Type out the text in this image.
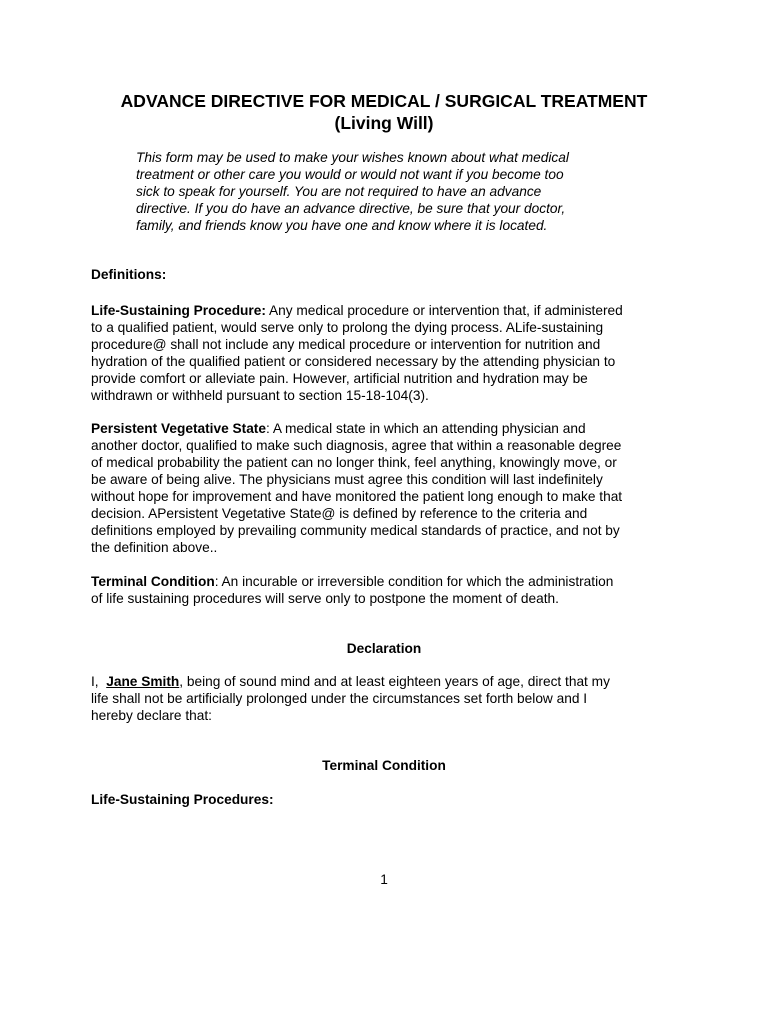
ADVANCE DIRECTIVE FOR MEDICAL / SURGICAL TREATMENT
(Living Will)
This form may be used to make your wishes known about what medical
treatment or other care you would or would not want if you become too
sick to speak for yourself. You are not required to have an advance
directive. If you do have an advance directive, be sure that your doctor,
family, and friends know you have one and know where it is located.
Definitions:
Life-Sustaining Procedure: Any medical procedure or intervention that, if administered
to a qualified patient, would serve only to prolong the dying process. ALife-sustaining
procedure@ shall not include any medical procedure or intervention for nutrition and
hydration of the qualified patient or considered necessary by the attending physician to
provide comfort or alleviate pain. However, artificial nutrition and hydration may be
withdrawn or withheld pursuant to section 15-18-104(3).
Persistent Vegetative State: A medical state in which an attending physician and
another doctor, qualified to make such diagnosis, agree that within a reasonable degree
of medical probability the patient can no longer think, feel anything, knowingly move, or
be aware of being alive. The physicians must agree this condition will last indefinitely
without hope for improvement and have monitored the patient long enough to make that
decision. APersistent Vegetative State@ is defined by reference to the criteria and
definitions employed by prevailing community medical standards of practice, and not by
the definition above..
Terminal Condition: An incurable or irreversible condition for which the administration
of life sustaining procedures will serve only to postpone the moment of death.
Declaration
I,  Jane Smith, being of sound mind and at least eighteen years of age, direct that my
life shall not be artificially prolonged under the circumstances set forth below and I
hereby declare that:
Terminal Condition
Life-Sustaining Procedures:
1
